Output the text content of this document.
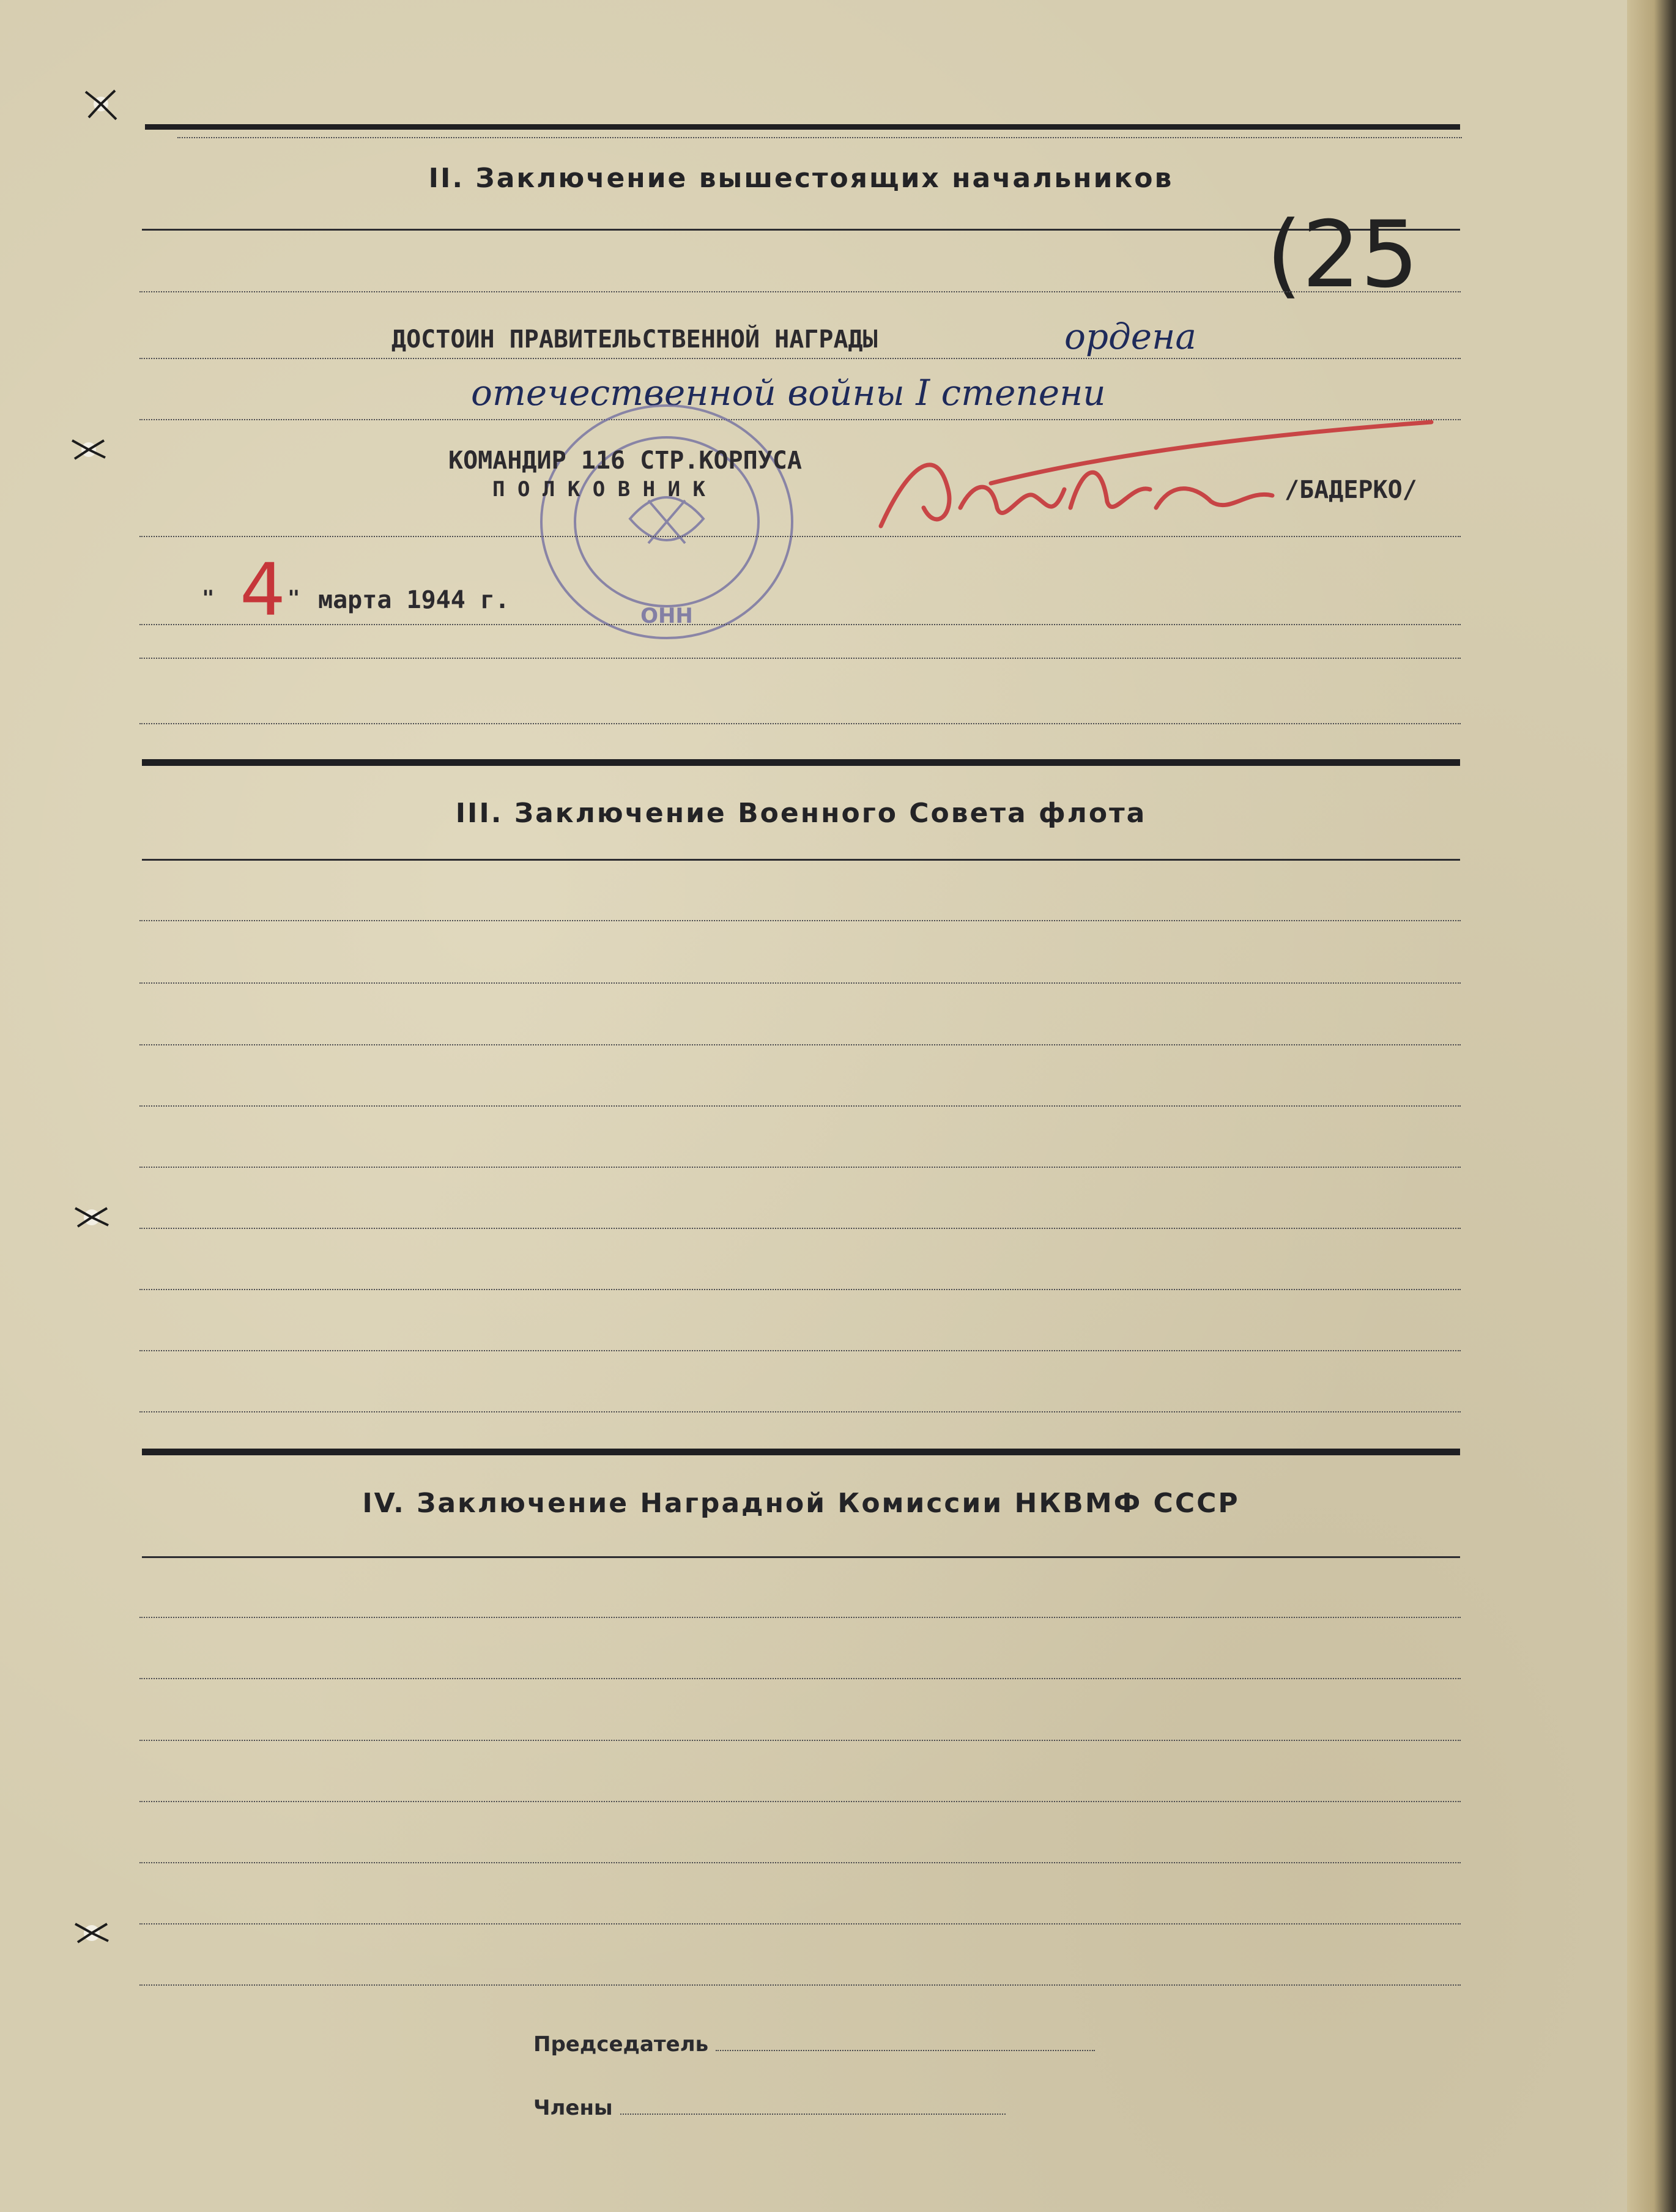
II. Заключение вышестоящих начальников
(25
ДОСТОИН ПРАВИТЕЛЬСТВЕННОЙ НАГРАДЫ	ордена
отечественной войны I степени
ОНН
КОМАНДИР 116 СТР.КОРПУСА
П О Л К О В Н И К	/БАДЕРКО/
" 4 " марта 1944 г.
III. Заключение Военного Совета флота
IV. Заключение Наградной Комиссии НКВМФ СССР
Председатель
Члены
